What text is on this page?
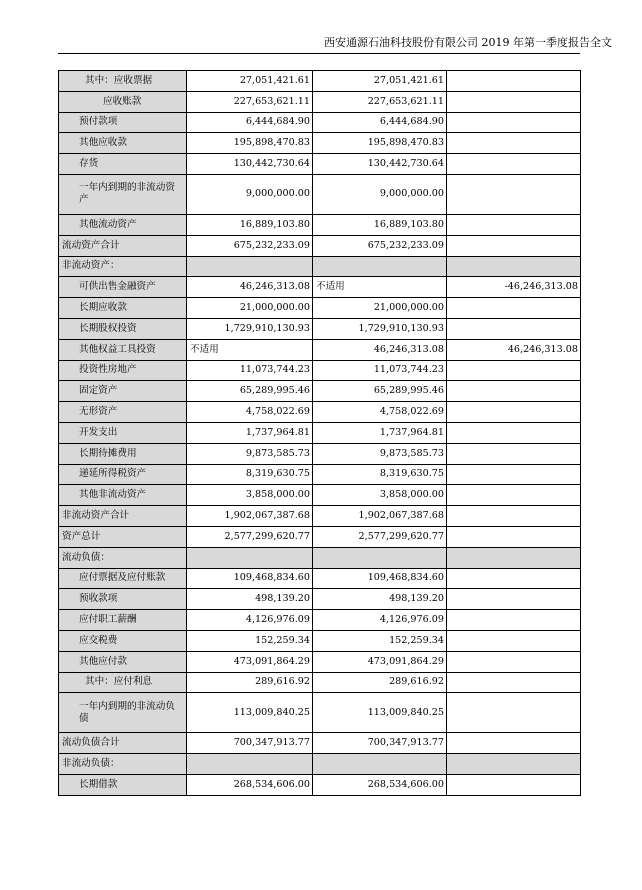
西安通源石油科技股份有限公司 2019 年第一季度报告全文
其中：应收票据	27,051,421.61	27,051,421.61	
应收账款	227,653,621.11	227,653,621.11	
预付款项	6,444,684.90	6,444,684.90	
其他应收款	195,898,470.83	195,898,470.83	
存货	130,442,730.64	130,442,730.64	
一年内到期的非流动资产	9,000,000.00	9,000,000.00	
其他流动资产	16,889,103.80	16,889,103.80	
流动资产合计	675,232,233.09	675,232,233.09	
非流动资产：			
可供出售金融资产	46,246,313.08	不适用	-46,246,313.08
长期应收款	21,000,000.00	21,000,000.00	
长期股权投资	1,729,910,130.93	1,729,910,130.93	
其他权益工具投资	不适用	46,246,313.08	46,246,313.08
投资性房地产	11,073,744.23	11,073,744.23	
固定资产	65,289,995.46	65,289,995.46	
无形资产	4,758,022.69	4,758,022.69	
开发支出	1,737,964.81	1,737,964.81	
长期待摊费用	9,873,585.73	9,873,585.73	
递延所得税资产	8,319,630.75	8,319,630.75	
其他非流动资产	3,858,000.00	3,858,000.00	
非流动资产合计	1,902,067,387.68	1,902,067,387.68	
资产总计	2,577,299,620.77	2,577,299,620.77	
流动负债：			
应付票据及应付账款	109,468,834.60	109,468,834.60	
预收款项	498,139.20	498,139.20	
应付职工薪酬	4,126,976.09	4,126,976.09	
应交税费	152,259.34	152,259.34	
其他应付款	473,091,864.29	473,091,864.29	
其中：应付利息	289,616.92	289,616.92	
一年内到期的非流动负债	113,009,840.25	113,009,840.25	
流动负债合计	700,347,913.77	700,347,913.77	
非流动负债：			
长期借款	268,534,606.00	268,534,606.00	
